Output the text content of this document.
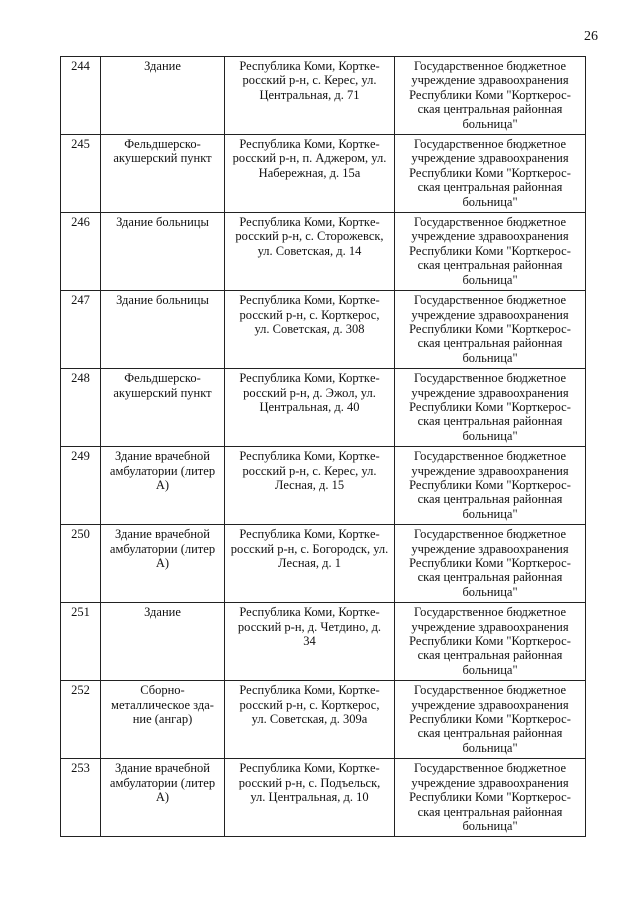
26
244	Здание	Республика Коми, Корткe-
росский р-н, с. Керес, ул.
Центральная, д. 71	Государственное бюджетное
учреждение здравоохранения
Республики Коми "Корткерос-
ская центральная районная
больница"

245	Фельдшерско-
акушерский пункт	Республика Коми, Корткe-
росский р-н, п. Аджером, ул.
Набережная, д. 15а	Государственное бюджетное
учреждение здравоохранения
Республики Коми "Корткерос-
ская центральная районная
больница"

246	Здание больницы	Республика Коми, Корткe-
росский р-н, с. Сторожевск,
ул. Советская, д. 14	Государственное бюджетное
учреждение здравоохранения
Республики Коми "Корткерос-
ская центральная районная
больница"

247	Здание больницы	Республика Коми, Корткe-
росский р-н, с. Корткерос,
ул. Советская, д. 308	Государственное бюджетное
учреждение здравоохранения
Республики Коми "Корткерос-
ская центральная районная
больница"

248	Фельдшерско-
акушерский пункт	Республика Коми, Корткe-
росский р-н, д. Эжол, ул.
Центральная, д. 40	Государственное бюджетное
учреждение здравоохранения
Республики Коми "Корткерос-
ская центральная районная
больница"

249	Здание врачебной
амбулатории (литер
А)	Республика Коми, Корткe-
росский р-н, с. Керес, ул.
Лесная, д. 15	Государственное бюджетное
учреждение здравоохранения
Республики Коми "Корткерос-
ская центральная районная
больница"

250	Здание врачебной
амбулатории (литер
А)	Республика Коми, Корткe-
росский р-н, с. Богородск, ул.
Лесная, д. 1	Государственное бюджетное
учреждение здравоохранения
Республики Коми "Корткерос-
ская центральная районная
больница"

251	Здание	Республика Коми, Корткe-
росский р-н, д. Четдино, д.
34	Государственное бюджетное
учреждение здравоохранения
Республики Коми "Корткерос-
ская центральная районная
больница"

252	Сборно-
металлическое зда-
ние (ангар)	Республика Коми, Корткe-
росский р-н, с. Корткерос,
ул. Советская, д. 309а	Государственное бюджетное
учреждение здравоохранения
Республики Коми "Корткерос-
ская центральная районная
больница"

253	Здание врачебной
амбулатории (литер
А)	Республика Коми, Корткe-
росский р-н, с. Подъельск,
ул. Центральная, д. 10	Государственное бюджетное
учреждение здравоохранения
Республики Коми "Корткерос-
ская центральная районная
больница"
